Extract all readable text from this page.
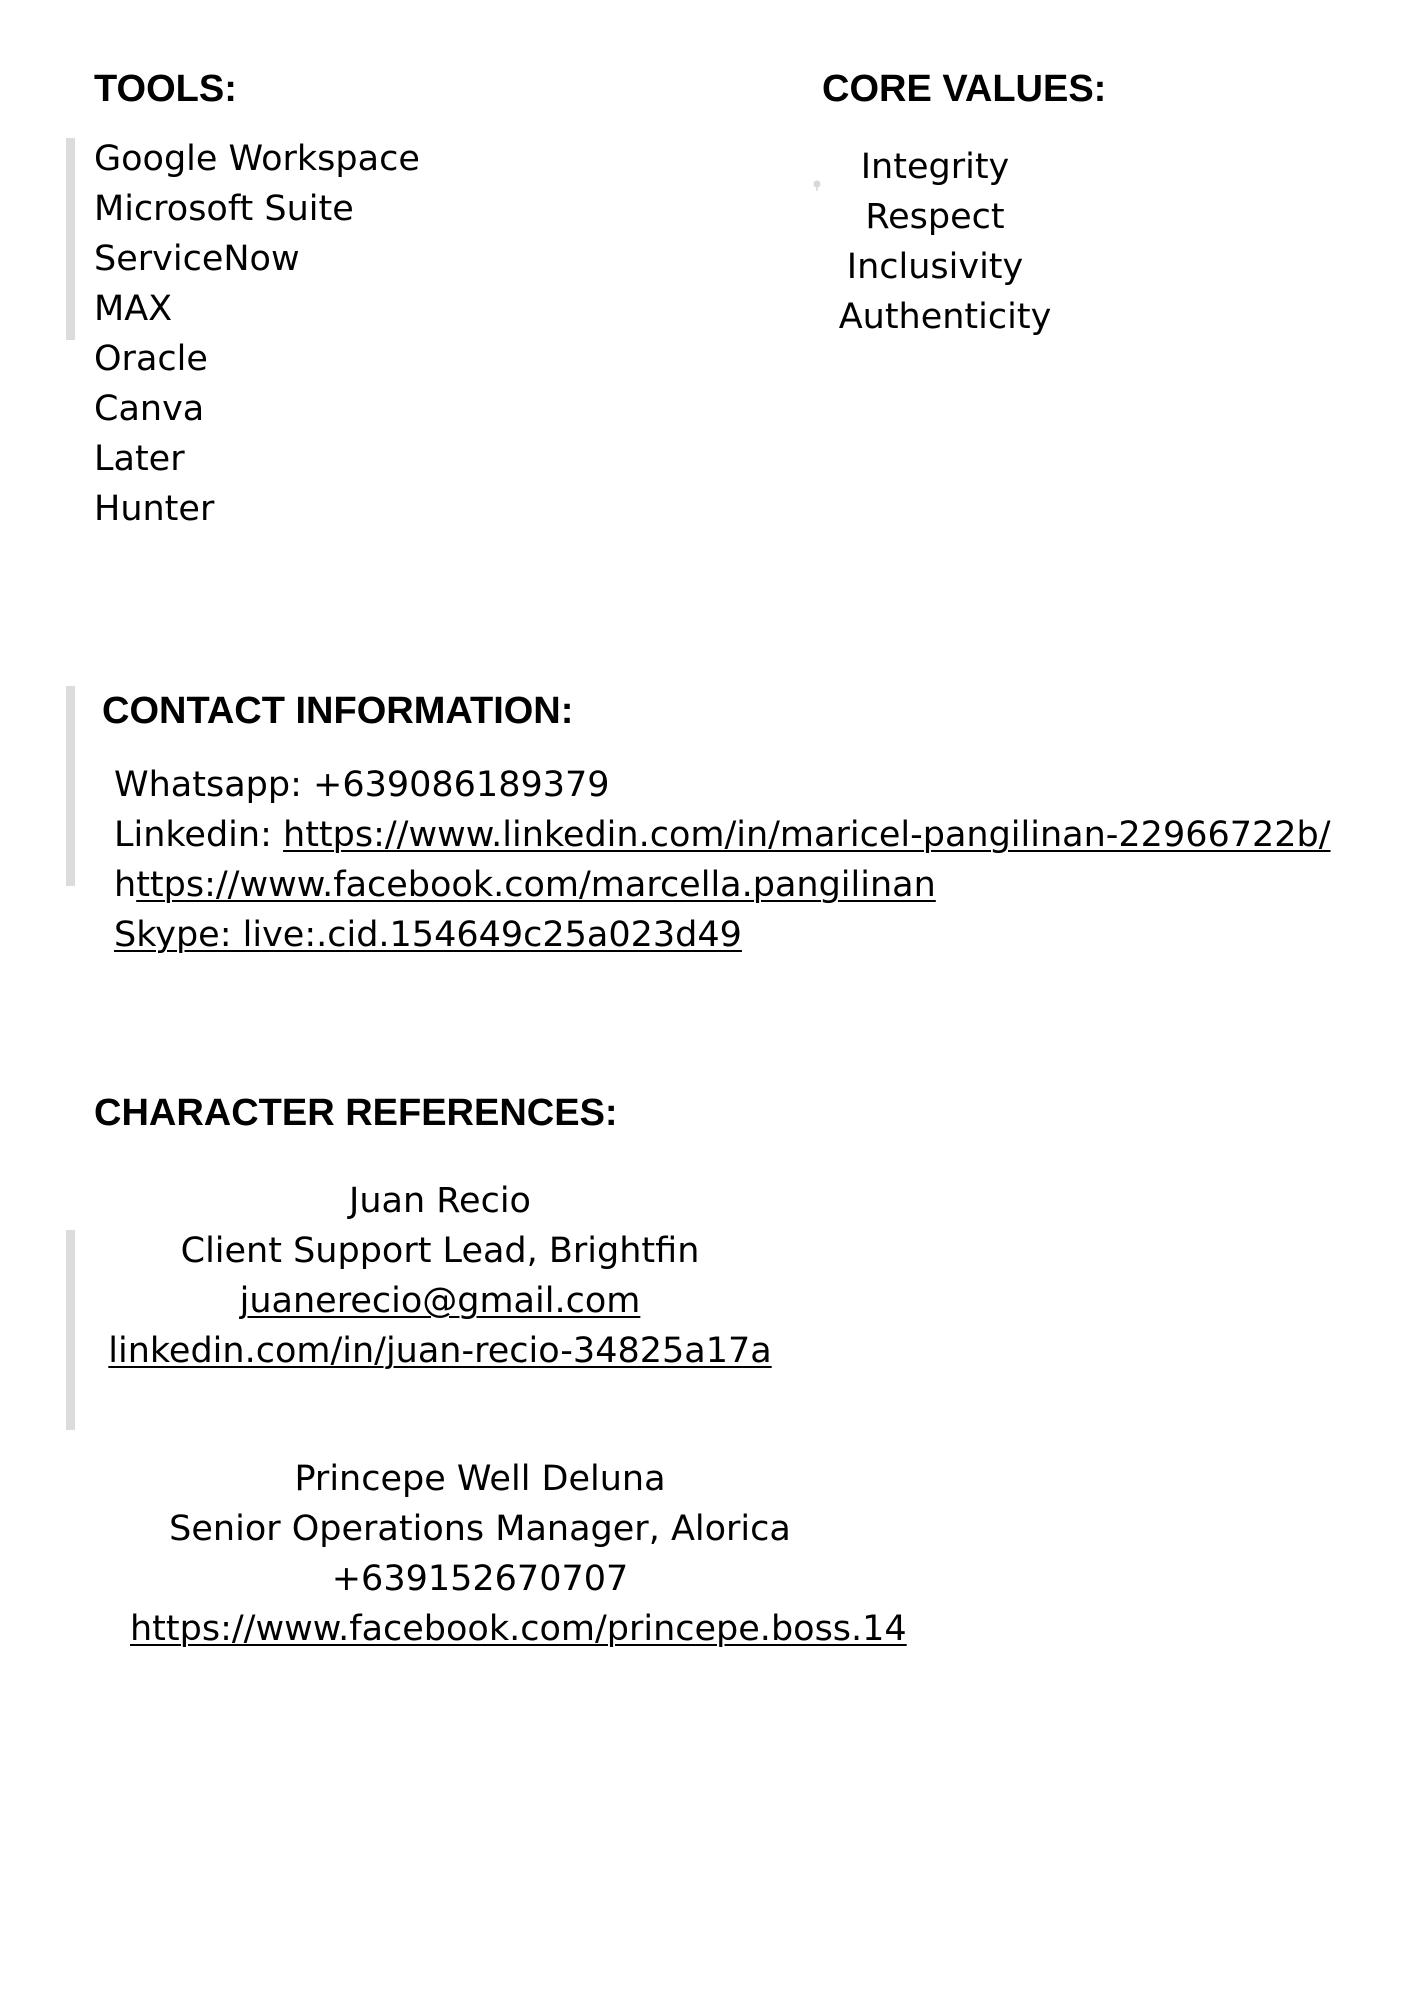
TOOLS:
Google Workspace
Microsoft Suite
ServiceNow
MAX
Oracle
Canva
Later
Hunter
CORE VALUES:
Integrity
Respect
Inclusivity
Authenticity
CONTACT INFORMATION:
Whatsapp: +639086189379
Linkedin: https://www.linkedin.com/in/maricel-pangilinan-22966722b/
https://www.facebook.com/marcella.pangilinan
Skype: live:.cid.154649c25a023d49
CHARACTER REFERENCES:
Juan Recio
Client Support Lead, Brightfin
juanerecio@gmail.com
linkedin.com/in/juan-recio-34825a17a
Princepe Well Deluna
Senior Operations Manager, Alorica
+639152670707
https://www.facebook.com/princepe.boss.14
